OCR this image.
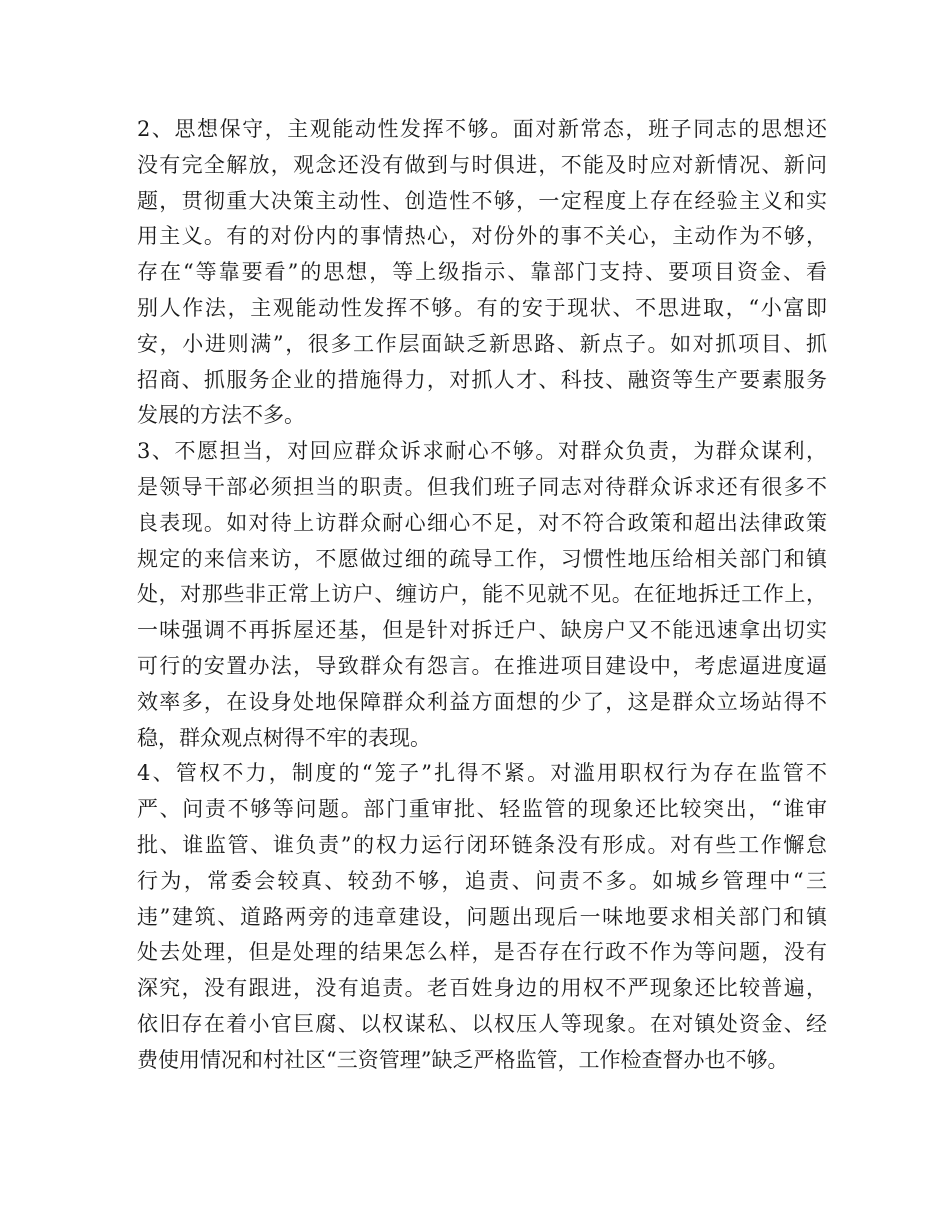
2、思想保守，主观能动性发挥不够。面对新常态，班子同志的思想还
没有完全解放，观念还没有做到与时俱进，不能及时应对新情况、新问
题，贯彻重大决策主动性、创造性不够，一定程度上存在经验主义和实
用主义。有的对份内的事情热心，对份外的事不关心，主动作为不够，
存在“等靠要看”的思想，等上级指示、靠部门支持、要项目资金、看
别人作法，主观能动性发挥不够。有的安于现状、不思进取，“小富即
安，小进则满”，很多工作层面缺乏新思路、新点子。如对抓项目、抓
招商、抓服务企业的措施得力，对抓人才、科技、融资等生产要素服务
发展的方法不多。
3、不愿担当，对回应群众诉求耐心不够。对群众负责，为群众谋利，
是领导干部必须担当的职责。但我们班子同志对待群众诉求还有很多不
良表现。如对待上访群众耐心细心不足，对不符合政策和超出法律政策
规定的来信来访，不愿做过细的疏导工作，习惯性地压给相关部门和镇
处，对那些非正常上访户、缠访户，能不见就不见。在征地拆迁工作上，
一味强调不再拆屋还基，但是针对拆迁户、缺房户又不能迅速拿出切实
可行的安置办法，导致群众有怨言。在推进项目建设中，考虑逼进度逼
效率多，在设身处地保障群众利益方面想的少了，这是群众立场站得不
稳，群众观点树得不牢的表现。
4、管权不力，制度的“笼子”扎得不紧。对滥用职权行为存在监管不
严、问责不够等问题。部门重审批、轻监管的现象还比较突出，“谁审
批、谁监管、谁负责”的权力运行闭环链条没有形成。对有些工作懈怠
行为，常委会较真、较劲不够，追责、问责不多。如城乡管理中“三
违”建筑、道路两旁的违章建设，问题出现后一味地要求相关部门和镇
处去处理，但是处理的结果怎么样，是否存在行政不作为等问题，没有
深究，没有跟进，没有追责。老百姓身边的用权不严现象还比较普遍，
依旧存在着小官巨腐、以权谋私、以权压人等现象。在对镇处资金、经
费使用情况和村社区“三资管理”缺乏严格监管，工作检查督办也不够。
